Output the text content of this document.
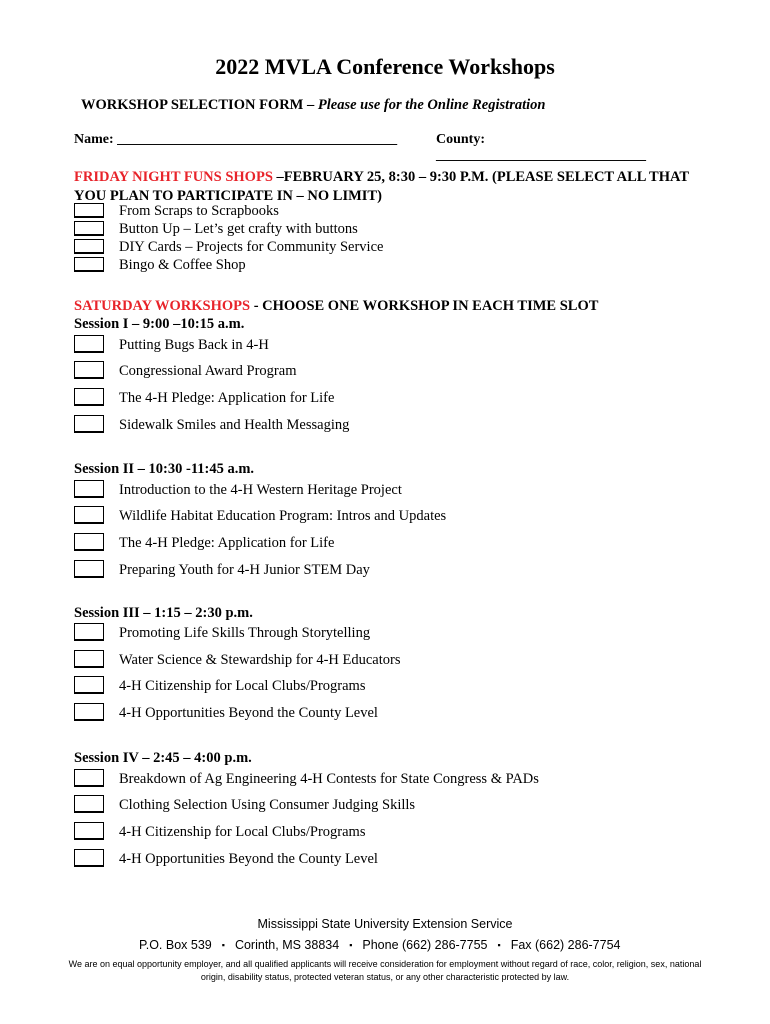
2022 MVLA Conference Workshops
WORKSHOP SELECTION FORM – Please use for the Online Registration
Name: ________________________________________	County: ______________________________
FRIDAY NIGHT FUNS SHOPS –FEBRUARY 25, 8:30 – 9:30 P.M. (PLEASE SELECT ALL THAT YOU PLAN TO PARTICIPATE IN – NO LIMIT)
From Scraps to Scrapbooks
Button Up – Let’s get crafty with buttons
DIY Cards – Projects for Community Service
Bingo & Coffee Shop
SATURDAY WORKSHOPS - CHOOSE ONE WORKSHOP IN EACH TIME SLOT
Session I – 9:00 –10:15 a.m.
Putting Bugs Back in 4-H
Congressional Award Program
The 4-H Pledge: Application for Life
Sidewalk Smiles and Health Messaging
Session II – 10:30 -11:45 a.m.
Introduction to the 4-H Western Heritage Project
Wildlife Habitat Education Program: Intros and Updates
The 4-H Pledge: Application for Life
Preparing Youth for 4-H Junior STEM Day
Session III – 1:15 – 2:30 p.m.
Promoting Life Skills Through Storytelling
Water Science & Stewardship for 4-H Educators
4-H Citizenship for Local Clubs/Programs
4-H Opportunities Beyond the County Level
Session IV – 2:45 – 4:00 p.m.
Breakdown of Ag Engineering 4-H Contests for State Congress & PADs
Clothing Selection Using Consumer Judging Skills
4-H Citizenship for Local Clubs/Programs
4-H Opportunities Beyond the County Level
Mississippi State University Extension Service
P.O. Box 539 ▪ Corinth, MS 38834 ▪ Phone (662) 286-7755 ▪ Fax (662) 286-7754
We are on equal opportunity employer, and all qualified applicants will receive consideration for employment without regard of race, color, religion, sex, national origin, disability status, protected veteran status, or any other characteristic protected by law.
